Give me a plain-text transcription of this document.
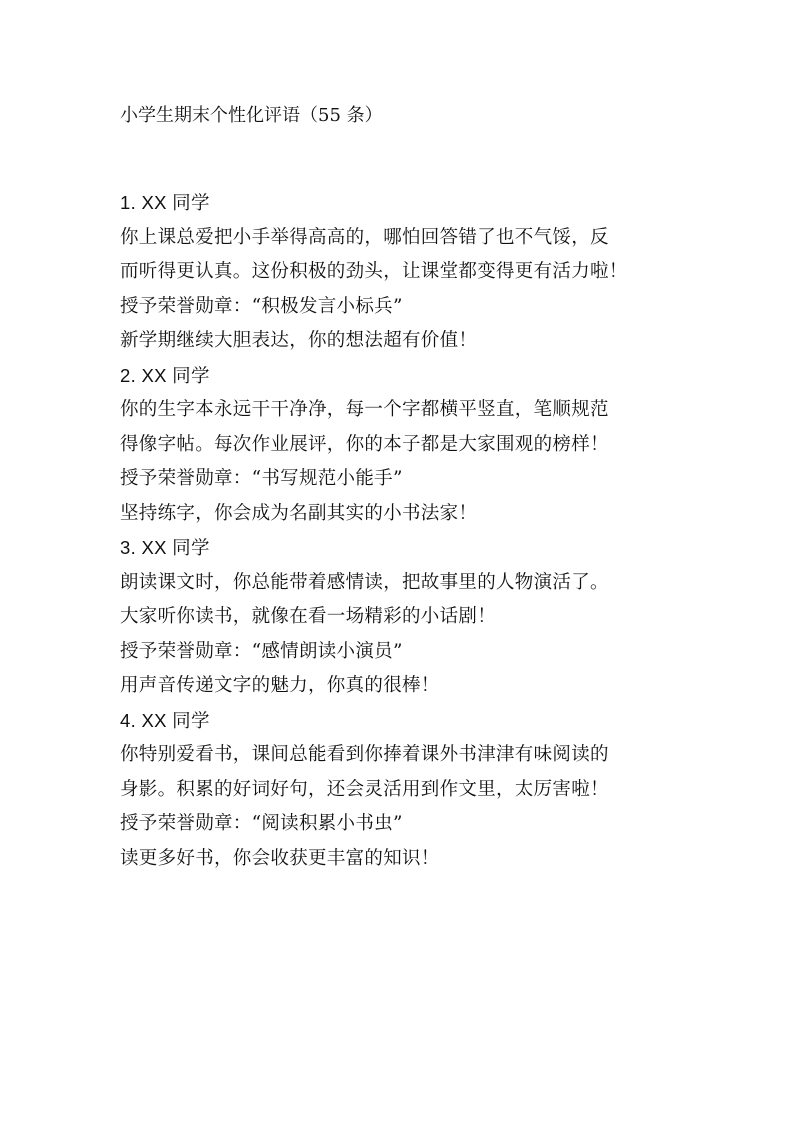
小学生期末个性化评语（55 条）
1. XX 同学
你上课总爱把小手举得高高的，哪怕回答错了也不气馁，反
而听得更认真。这份积极的劲头，让课堂都变得更有活力啦！
授予荣誉勋章：“积极发言小标兵”
新学期继续大胆表达，你的想法超有价值！
2. XX 同学
你的生字本永远干干净净，每一个字都横平竖直，笔顺规范
得像字帖。每次作业展评，你的本子都是大家围观的榜样！
授予荣誉勋章：“书写规范小能手”
坚持练字，你会成为名副其实的小书法家！
3. XX 同学
朗读课文时，你总能带着感情读，把故事里的人物演活了。
大家听你读书，就像在看一场精彩的小话剧！
授予荣誉勋章：“感情朗读小演员”
用声音传递文字的魅力，你真的很棒！
4. XX 同学
你特别爱看书，课间总能看到你捧着课外书津津有味阅读的
身影。积累的好词好句，还会灵活用到作文里，太厉害啦！
授予荣誉勋章：“阅读积累小书虫”
读更多好书，你会收获更丰富的知识！
